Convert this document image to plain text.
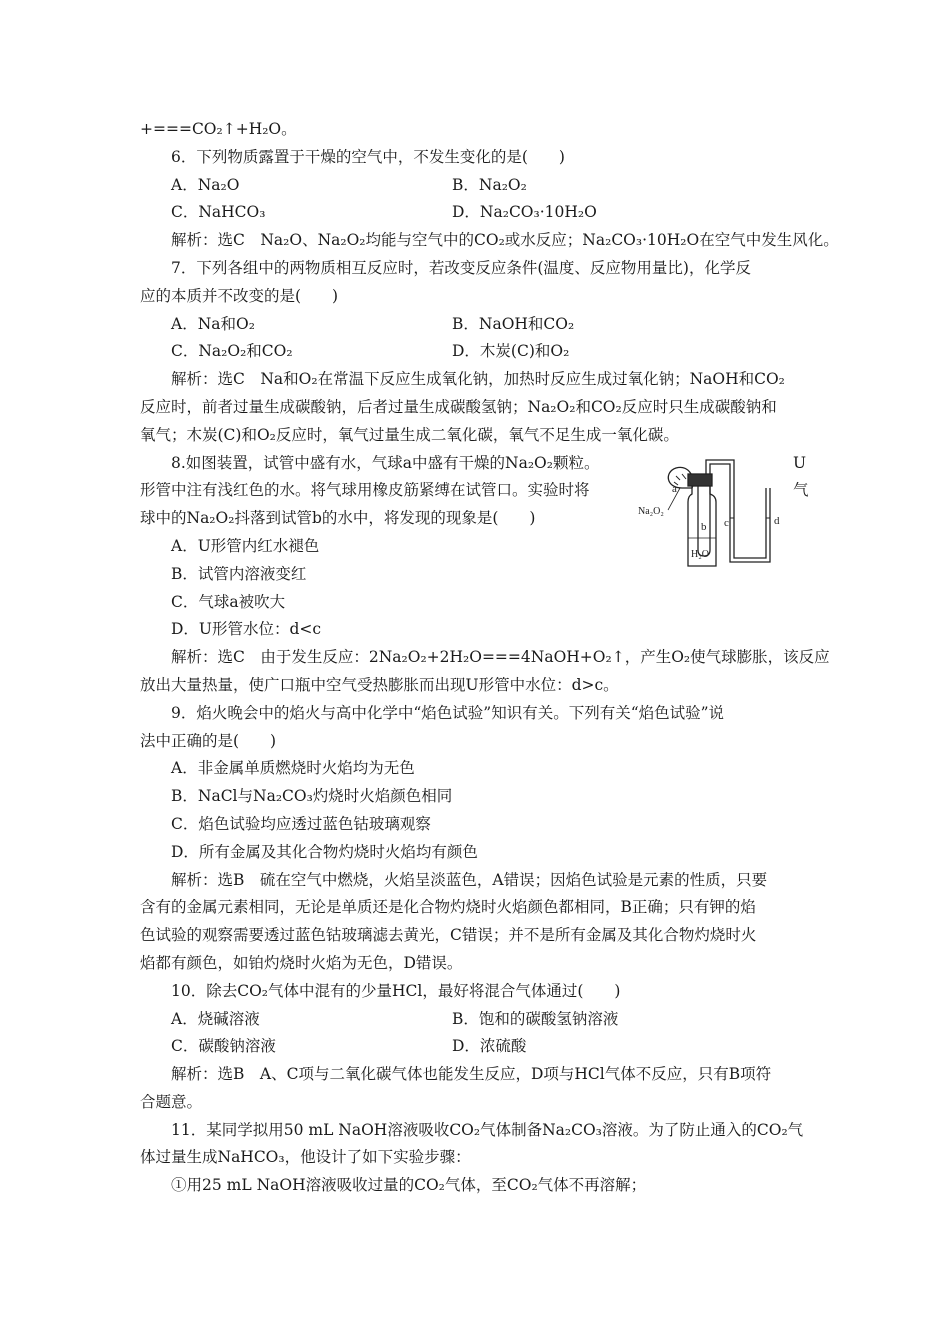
+===CO₂↑+H₂O。
6．下列物质露置于干燥的空气中，不发生变化的是(　　)
A．Na₂O	B．Na₂O₂
C．NaHCO₃	D．Na₂CO₃·10H₂O
解析：选C　Na₂O、Na₂O₂均能与空气中的CO₂或水反应；Na₂CO₃·10H₂O在空气中发生风化。
7．下列各组中的两物质相互反应时，若改变反应条件(温度、反应物用量比)，化学反
应的本质并不改变的是(　　)
A．Na和O₂	B．NaOH和CO₂
C．Na₂O₂和CO₂	D．木炭(C)和O₂
解析：选C　Na和O₂在常温下反应生成氧化钠，加热时反应生成过氧化钠；NaOH和CO₂
反应时，前者过量生成碳酸钠，后者过量生成碳酸氢钠；Na₂O₂和CO₂反应时只生成碳酸钠和
氧气；木炭(C)和O₂反应时，氧气过量生成二氧化碳，氧气不足生成一氧化碳。
8.如图装置，试管中盛有水，气球a中盛有干燥的Na₂O₂颗粒。	U
形管中注有浅红色的水。将气球用橡皮筋紧缚在试管口。实验时将	气
球中的Na₂O₂抖落到试管b的水中，将发现的现象是(　　)
A．U形管内红水褪色
B．试管内溶液变红
C．气球a被吹大
D．U形管水位：d<c
解析：选C　由于发生反应：2Na₂O₂+2H₂O===4NaOH+O₂↑，产生O₂使气球膨胀，该反应
放出大量热量，使广口瓶中空气受热膨胀而出现U形管中水位：d>c。
9．焰火晚会中的焰火与高中化学中“焰色试验”知识有关。下列有关“焰色试验”说
法中正确的是(　　)
A．非金属单质燃烧时火焰均为无色
B．NaCl与Na₂CO₃灼烧时火焰颜色相同
C．焰色试验均应透过蓝色钴玻璃观察
D．所有金属及其化合物灼烧时火焰均有颜色
解析：选B　硫在空气中燃烧，火焰呈淡蓝色，A错误；因焰色试验是元素的性质，只要
含有的金属元素相同，无论是单质还是化合物灼烧时火焰颜色都相同，B正确；只有钾的焰
色试验的观察需要透过蓝色钴玻璃滤去黄光，C错误；并不是所有金属及其化合物灼烧时火
焰都有颜色，如铂灼烧时火焰为无色，D错误。
10．除去CO₂气体中混有的少量HCl，最好将混合气体通过(　　)
A．烧碱溶液	B．饱和的碳酸氢钠溶液
C．碳酸钠溶液	D．浓硫酸
解析：选B　A、C项与二氧化碳气体也能发生反应，D项与HCl气体不反应，只有B项符
合题意。
11．某同学拟用50 mL NaOH溶液吸收CO₂气体制备Na₂CO₃溶液。为了防止通入的CO₂气
体过量生成NaHCO₃，他设计了如下实验步骤：
①用25 mL NaOH溶液吸收过量的CO₂气体，至CO₂气体不再溶解；
a
Na₂O₂
b c	d
H₂O
